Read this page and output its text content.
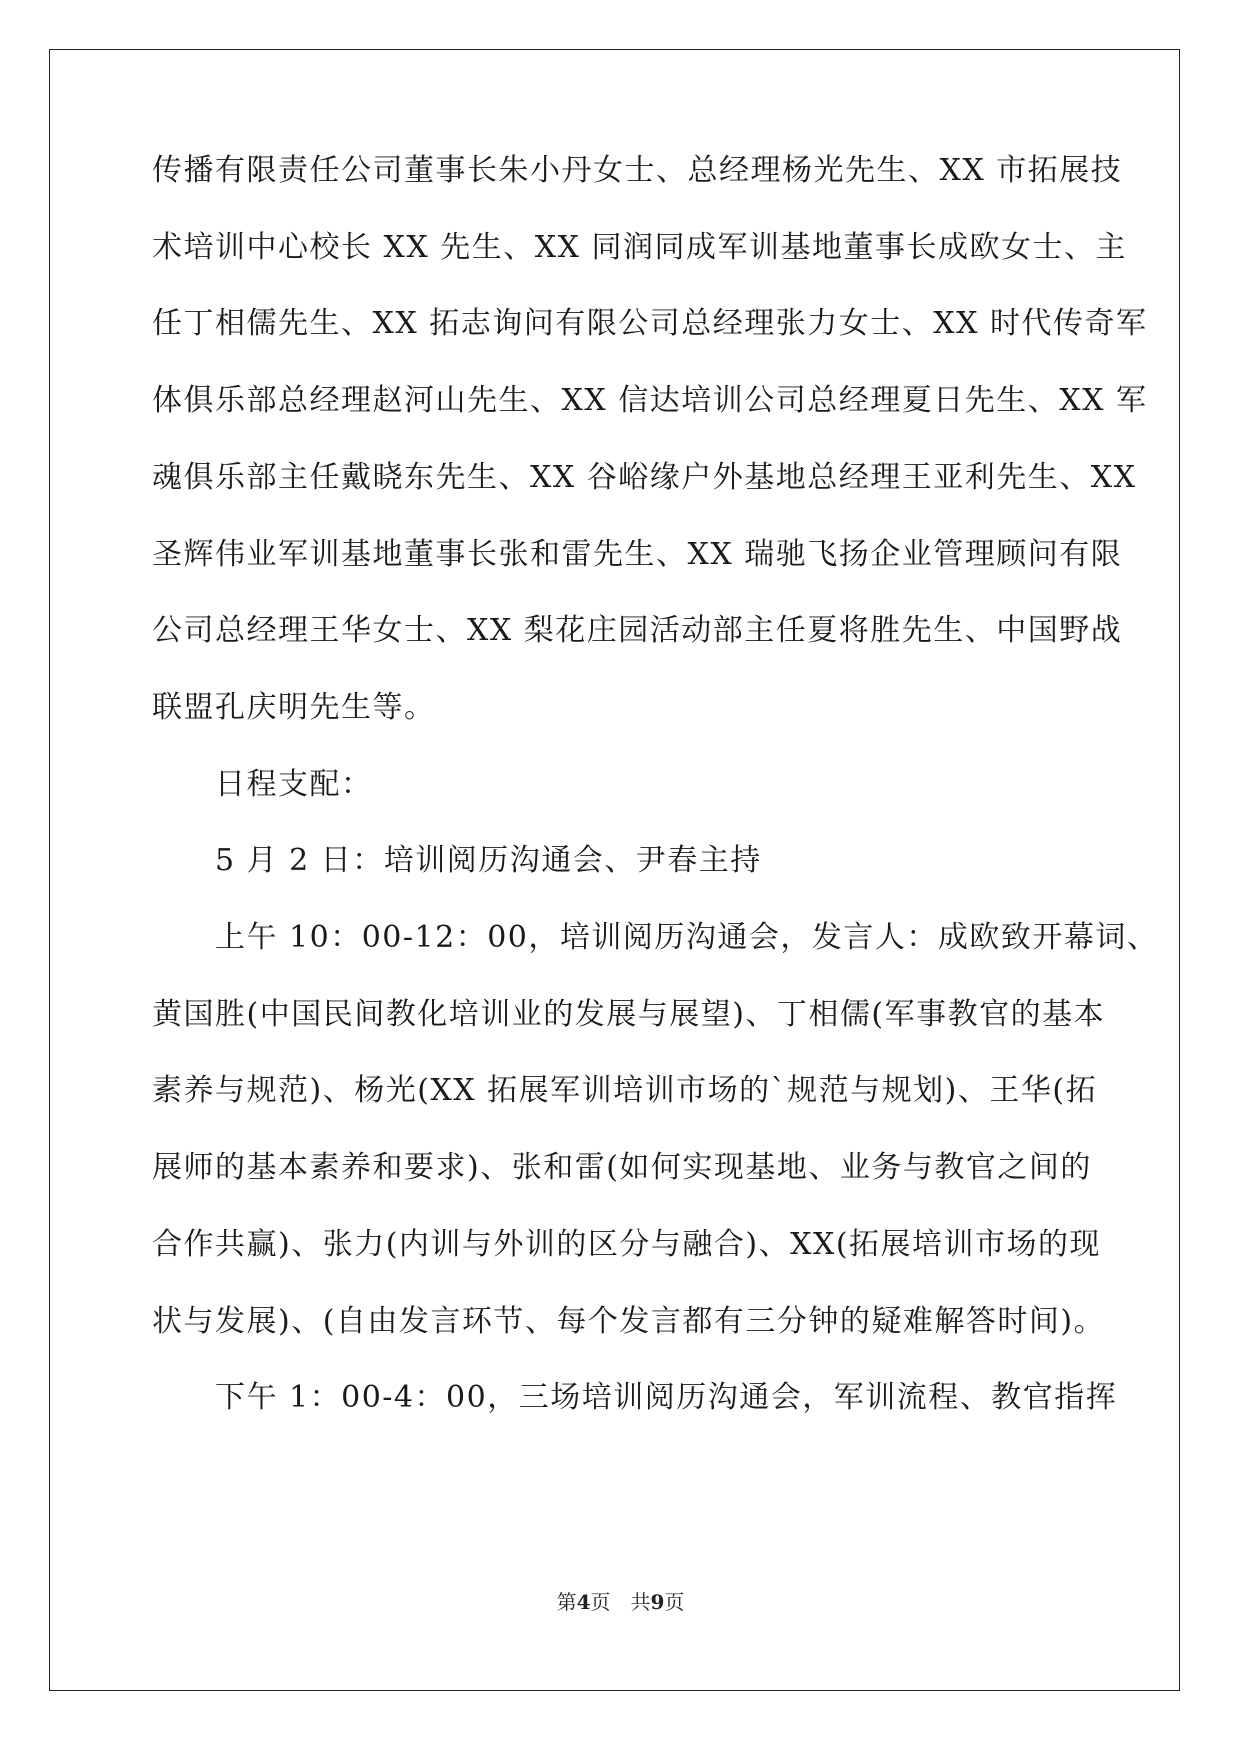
传播有限责任公司董事长朱小丹女士、总经理杨光先生、XX 市拓展技
术培训中心校长 XX 先生、XX 同润同成军训基地董事长成欧女士、主
任丁相儒先生、XX 拓志询问有限公司总经理张力女士、XX 时代传奇军
体俱乐部总经理赵河山先生、XX 信达培训公司总经理夏日先生、XX 军
魂俱乐部主任戴晓东先生、XX 谷峪缘户外基地总经理王亚利先生、XX
圣辉伟业军训基地董事长张和雷先生、XX 瑞驰飞扬企业管理顾问有限
公司总经理王华女士、XX 梨花庄园活动部主任夏将胜先生、中国野战
联盟孔庆明先生等。
　　日程支配：
　　5 月 2 日：培训阅历沟通会、尹春主持
　　上午 10：00-12：00，培训阅历沟通会，发言人：成欧致开幕词、
黄国胜(中国民间教化培训业的发展与展望)、丁相儒(军事教官的基本
素养与规范)、杨光(XX 拓展军训培训市场的`规范与规划)、王华(拓
展师的基本素养和要求)、张和雷(如何实现基地、业务与教官之间的
合作共赢)、张力(内训与外训的区分与融合)、XX(拓展培训市场的现
状与发展)、(自由发言环节、每个发言都有三分钟的疑难解答时间)。
　　下午 1：00-4：00，三场培训阅历沟通会，军训流程、教官指挥
第4页　共9页
